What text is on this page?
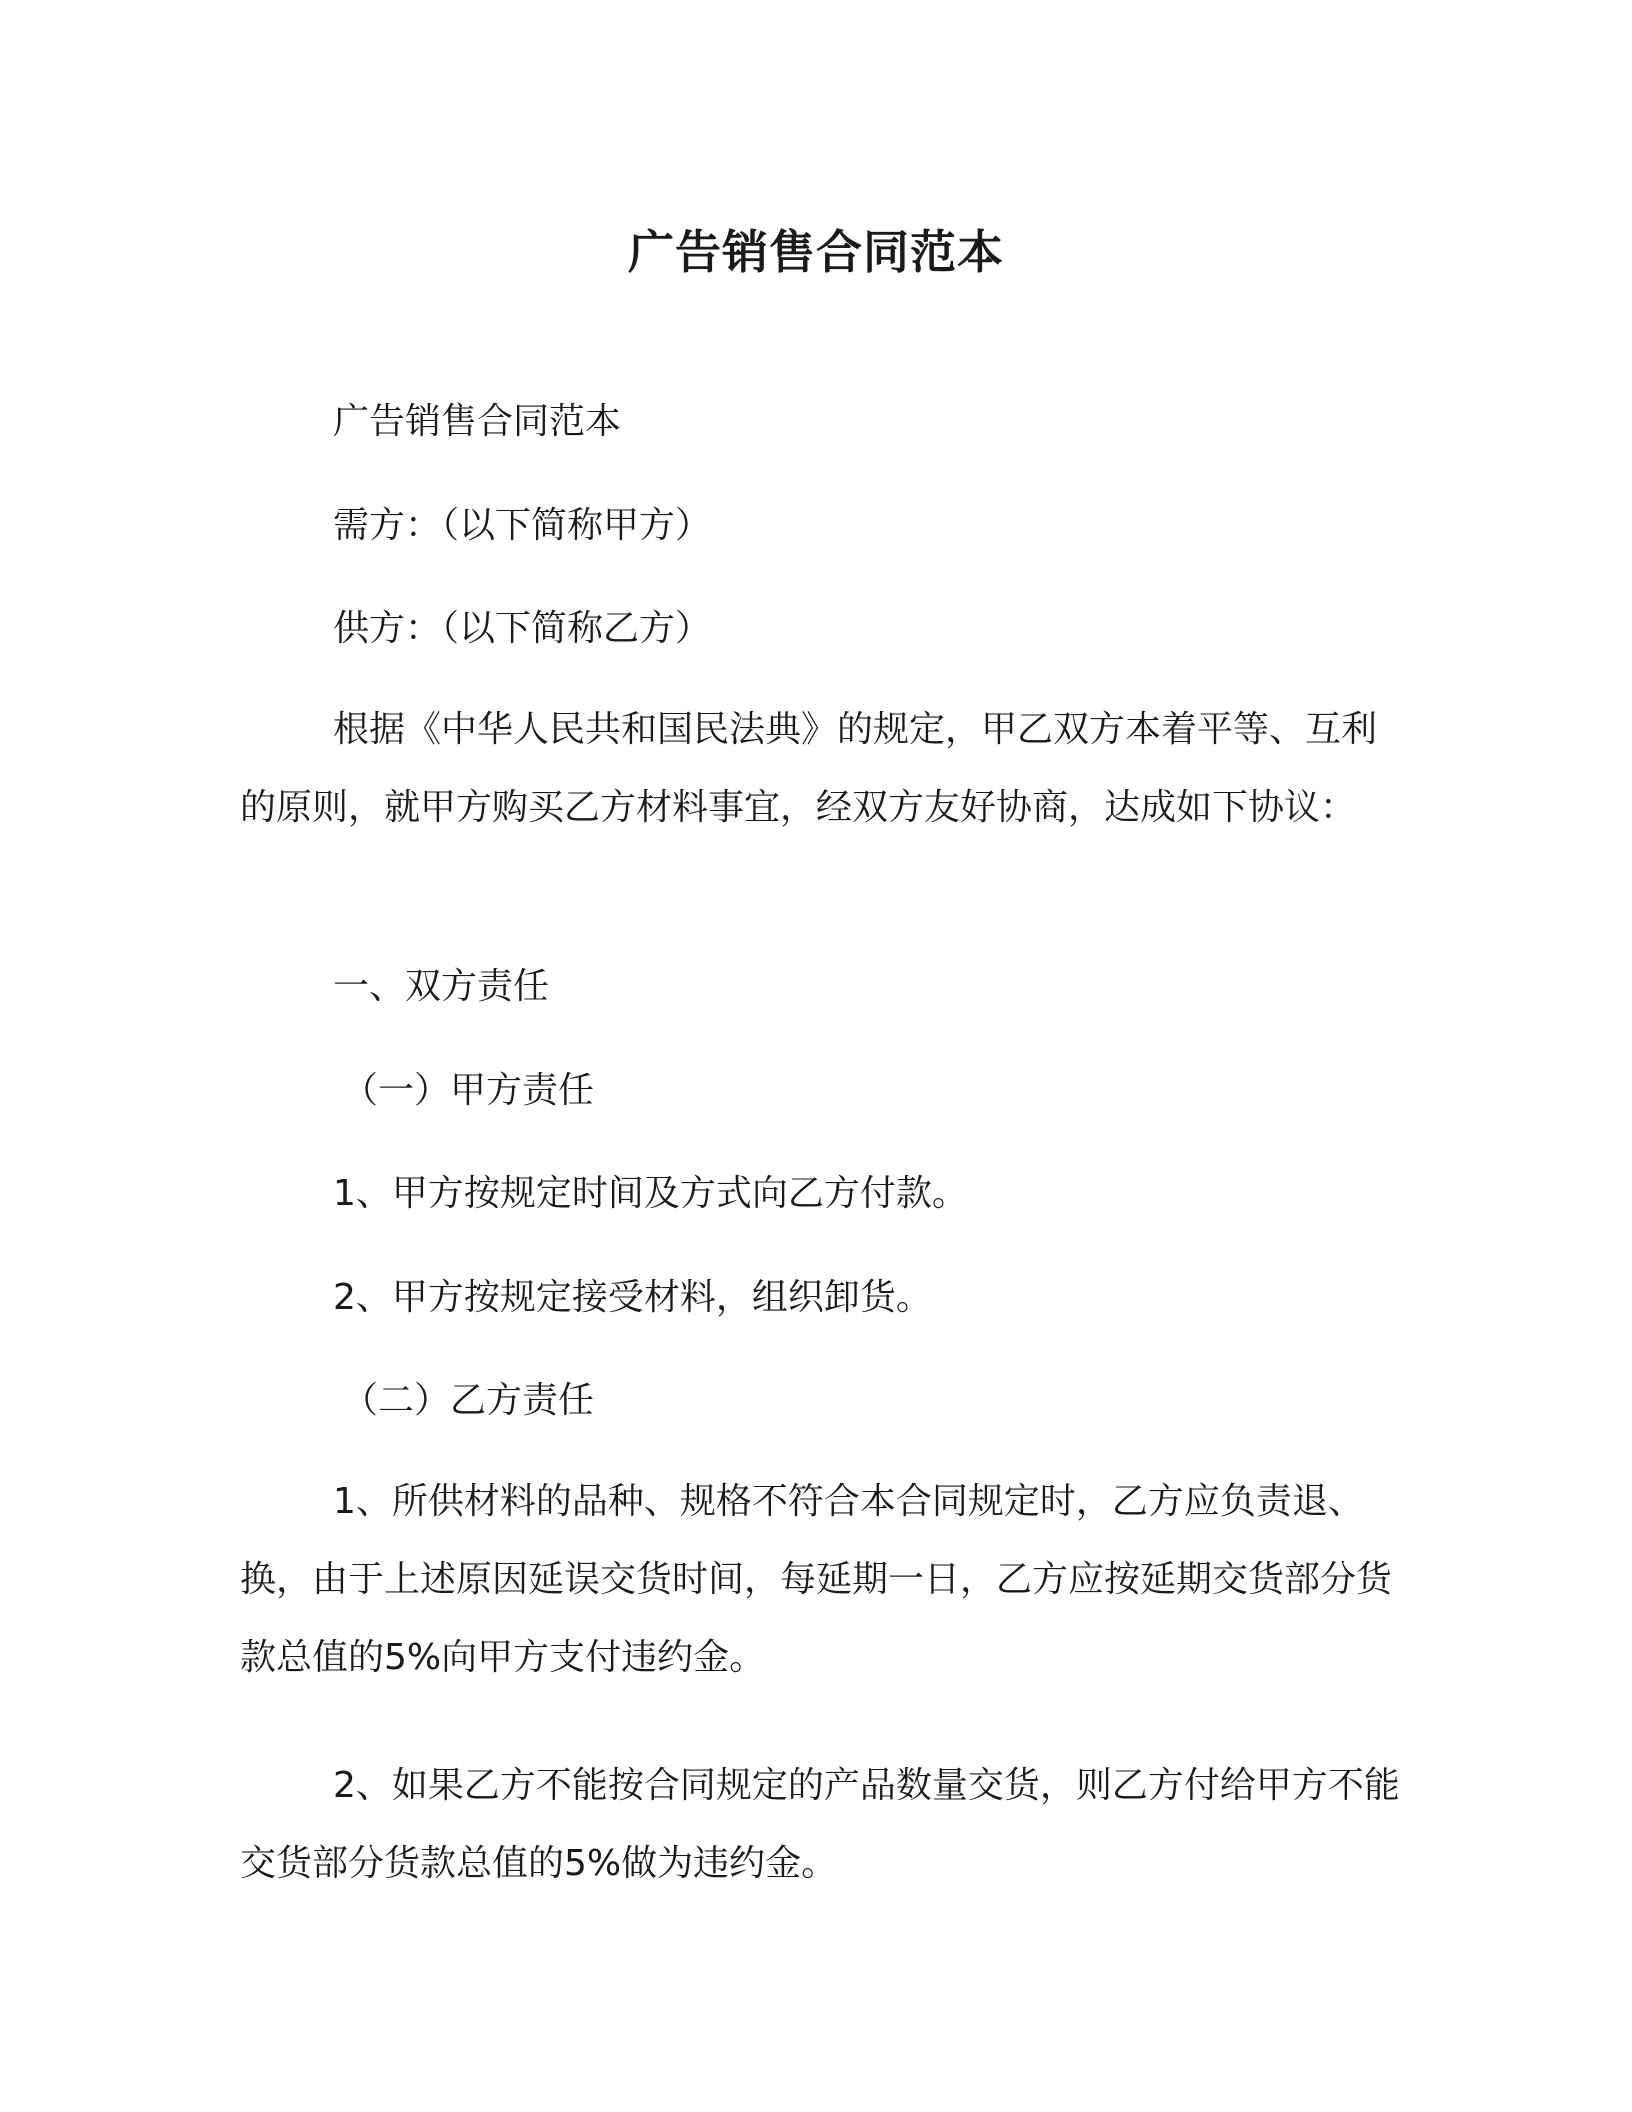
广告销售合同范本
广告销售合同范本
需方：（以下简称甲方）
供方：（以下简称乙方）
根据《中华人民共和国民法典》的规定，甲乙双方本着平等、互利的原则，就甲方购买乙方材料事宜，经双方友好协商，达成如下协议：
一、双方责任
（一）甲方责任
1、甲方按规定时间及方式向乙方付款。
2、甲方按规定接受材料，组织卸货。
（二）乙方责任
1、所供材料的品种、规格不符合本合同规定时，乙方应负责退、换，由于上述原因延误交货时间，每延期一日，乙方应按延期交货部分货款总值的5%向甲方支付违约金。
2、如果乙方不能按合同规定的产品数量交货，则乙方付给甲方不能交货部分货款总值的5%做为违约金。
